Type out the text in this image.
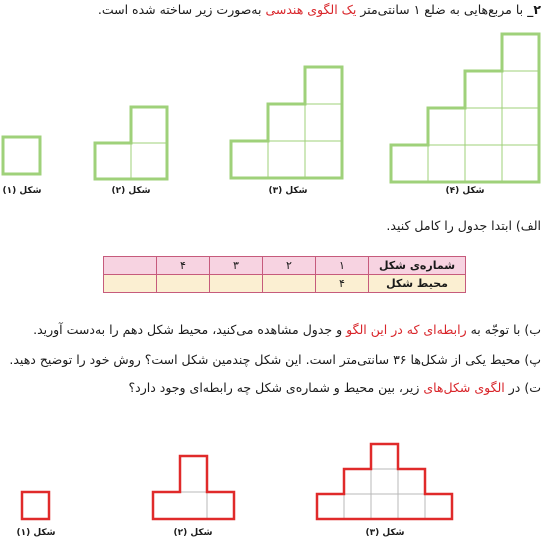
۲_ با مربع‌هایی به ضلع ۱ سانتی‌متر یک الگوی هندسی به‌صورت زیر ساخته شده است.
شکل (۱)	شکل (۲)	شکل (۳)	شکل (۴)
الف) ابتدا جدول را کامل کنید.
شماره‌ی شکل	۱	۲	۳	۴	
محیط شکل	۴				
ب) با توجّه به رابطه‌ای که در این الگو و جدول مشاهده می‌کنید، محیط شکل دهم را به‌دست آورید.
پ) محیط یکی از شکل‌ها ۳۶ سانتی‌متر است. این شکل چندمین شکل است؟ روش خود را توضیح دهید.
ت) در الگوی شکل‌های زیر، بین محیط و شماره‌ی شکل چه رابطه‌ای وجود دارد؟
شکل (۱)	شکل (۲)	شکل (۳)
